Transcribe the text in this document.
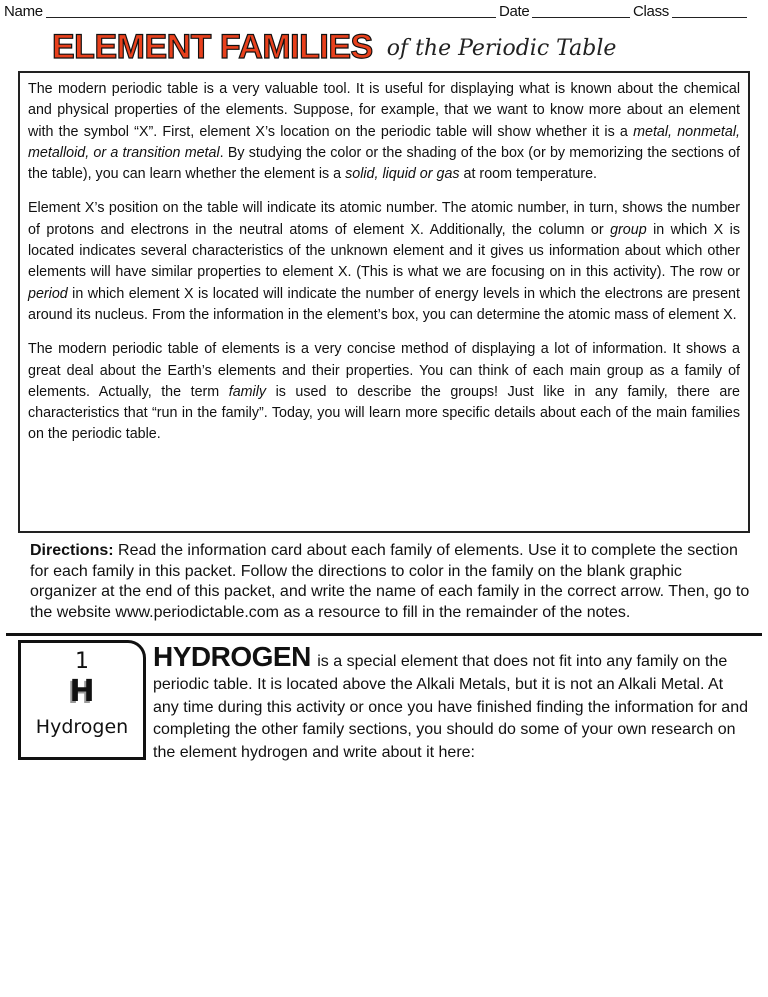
Name	Date	Class
ELEMENT FAMILIES of the Periodic Table

The modern periodic table is a very valuable tool. It is useful for displaying what is known about the chemical and physical properties of the elements. Suppose, for example, that we want to know more about an element with the symbol “X”. First, element X’s location on the periodic table will show whether it is a metal, nonmetal, metalloid, or a transition metal. By studying the color or the shading of the box (or by memorizing the sections of the table), you can learn whether the element is a solid, liquid or gas at room temperature.

Element X’s position on the table will indicate its atomic number. The atomic number, in turn, shows the number of protons and electrons in the neutral atoms of element X. Additionally, the column or group in which X is located indicates several characteristics of the unknown element and it gives us information about which other elements will have similar properties to element X. (This is what we are focusing on in this activity). The row or period in which element X is located will indicate the number of energy levels in which the electrons are present around its nucleus. From the information in the element’s box, you can determine the atomic mass of element X.

The modern periodic table of elements is a very concise method of displaying a lot of information. It shows a great deal about the Earth’s elements and their properties. You can think of each main group as a family of elements. Actually, the term family is used to describe the groups! Just like in any family, there are characteristics that “run in the family”. Today, you will learn more specific details about each of the main families on the periodic table.

Directions: Read the information card about each family of elements. Use it to complete the section for each family in this packet. Follow the directions to color in the family on the blank graphic organizer at the end of this packet, and write the name of each family in the correct arrow. Then, go to the website www.periodictable.com as a resource to fill in the remainder of the notes.
1
H
Hydrogen
HYDROGEN is a special element that does not fit into any family on the periodic table. It is located above the Alkali Metals, but it is not an Alkali Metal. At any time during this activity or once you have finished finding the information for and completing the other family sections, you should do some of your own research on the element hydrogen and write about it here:
